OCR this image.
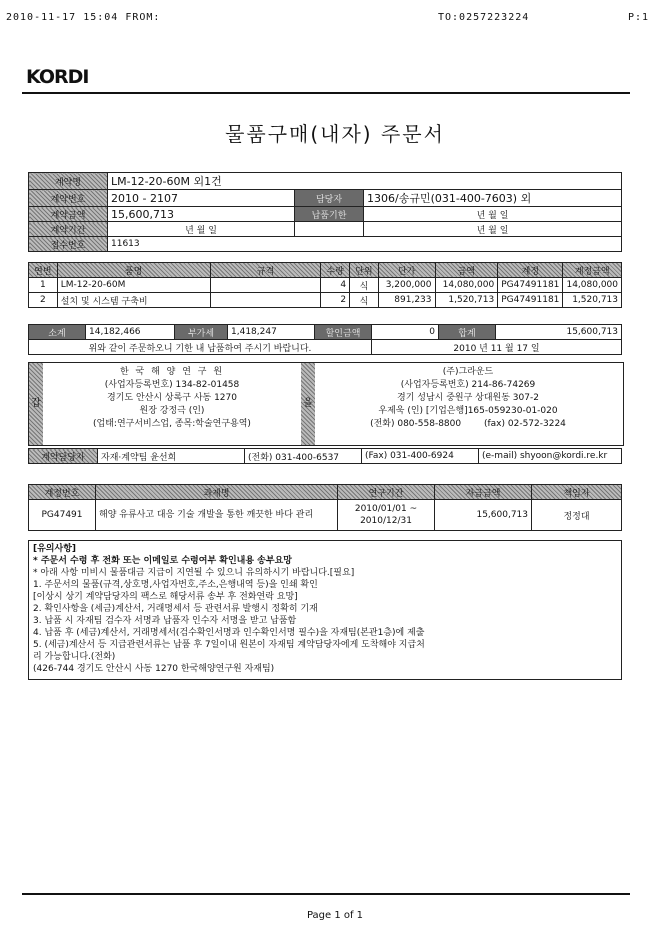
2010-11-17 15:04 FROM:	TO:0257223224	P:1
KORDI
물품구매(내자) 주문서
계약명	LM-12-20-60M 외1건		
계약번호	2010 - 2107	담당자	1306/송규민(031-400-7603) 외
계약금액	15,600,713	납품기한	년 월 일
계약기간	년 월 일		년 월 일
접수번호	11613		
연번	품명	규격	수량	단위	단가	금액	계정	계정금액
1	LM-12-20-60M		4	식	3,200,000	14,080,000	PG47491181	14,080,000
2	설치 및 시스템 구축비		2	식	891,233	1,520,713	PG47491181	1,520,713
소계	14,182,466	부가세	1,418,247	할인금액	0	합계	15,600,713
위와 같이 주문하오니 기한 내 납품하여 주시기 바랍니다.					2010 년 11 월 17 일		
갑
한 국 해 양 연 구 원
(사업자등록번호) 134-82-01458
경기도 안산시 상록구 사동 1270
원장 강정극 (인)
(업태:연구서비스업, 종목:학술연구용역)
을
(주)그라운드
(사업자등록번호) 214-86-74269
경기 성남시 중원구 상대원동 307-2
우제욱 (인) [기업은행]165-059230-01-020
(전화) 080-558-8800	(fax) 02-572-3224
계약담당자	자재·계약팀 윤선희	(전화) 031-400-6537	(Fax) 031-400-6924	(e-mail) shyoon@kordi.re.kr
계정번호	과제명	연구기간	자금금액	책임자
PG47491	해양 유류사고 대응 기술 개발을 통한 깨끗한 바다 관리	2010/01/01 ~
2010/12/31	15,600,713	정정대
[유의사항]
* 주문서 수령 후 전화 또는 이메일로 수령여부 확인내용 송부요망
* 아래 사항 미비시 물품대금 지급이 지연될 수 있으니 유의하시기 바랍니다.[필요]
1. 주문서의 물품(규격,상호명,사업자번호,주소,은행내역 등)을 인쇄 확인
[이상시 상기 계약담당자의 팩스로 해당서류 송부 후 전화연락 요망]
2. 확인사항을 (세금)계산서, 거래명세서 등 관련서류 발행시 정확히 기재
3. 납품 시 자재팀 검수자 서명과 납품자 인수자 서명을 받고 납품함
4. 납품 후 (세금)계산서, 거래명세서(검수확인서명과 인수확인서명 필수)을 자재팀(본관1층)에 제출
5. (세금)계산서 등 지급관련서류는 납품 후 7일이내 원본이 자재팀 계약담당자에게 도착해야 지급처
리 가능합니다.(전화)
(426-744 경기도 안산시 사동 1270 한국해양연구원 자재팀)
Page 1 of 1
